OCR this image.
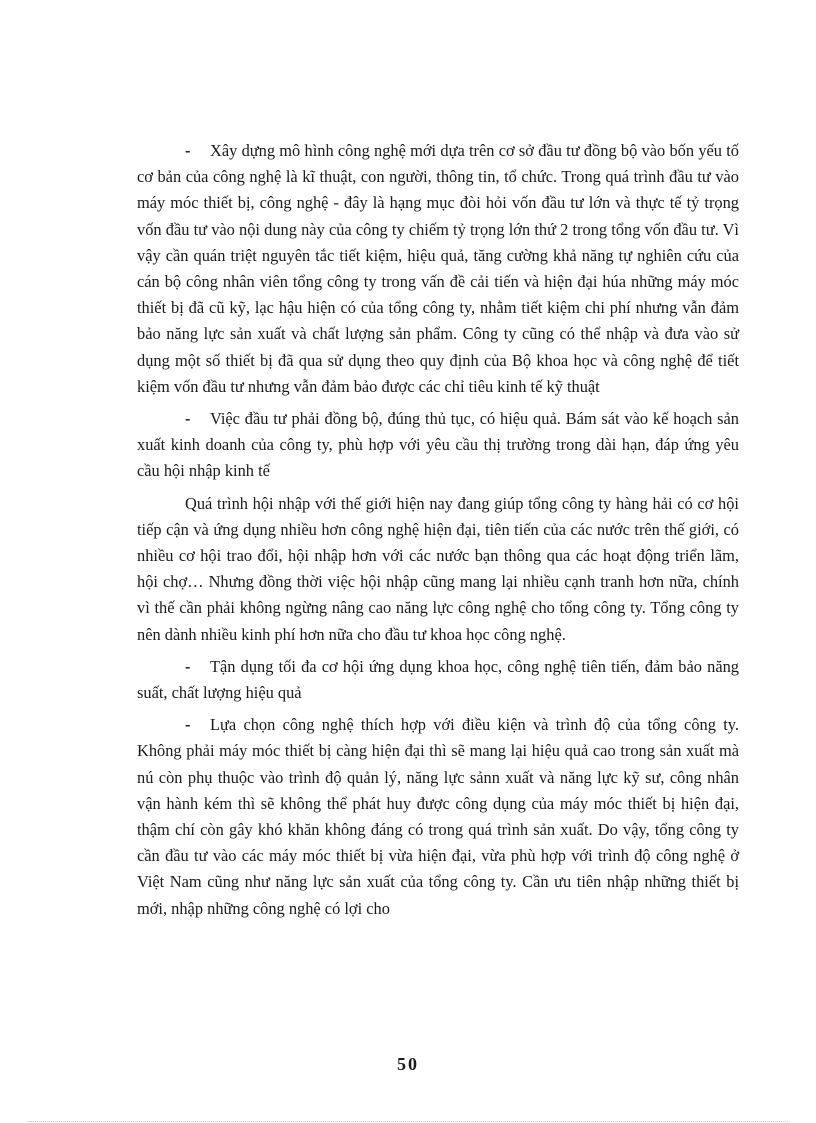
- Xây dựng mô hình công nghệ mới dựa trên cơ sở đầu tư đồng bộ vào bốn yếu tố cơ bản của công nghệ là kĩ thuật, con người, thông tin, tổ chức. Trong quá trình đầu tư vào máy móc thiết bị, công nghệ - đây là hạng mục đòi hỏi vốn đầu tư lớn và thực tế tỷ trọng vốn đầu tư vào nội dung này của công ty chiếm tỷ trọng lớn thứ 2 trong tổng vốn đầu tư. Vì vậy cần quán triệt nguyên tắc tiết kiệm, hiệu quả, tăng cường khả năng tự nghiên cứu của cán bộ công nhân viên tổng công ty trong vấn đề cải tiến và hiện đại húa những máy móc thiết bị đã cũ kỹ, lạc hậu hiện có của tổng công ty, nhằm tiết kiệm chi phí nhưng vẫn đảm bảo năng lực sản xuất và chất lượng sản phẩm. Công ty cũng có thể nhập và đưa vào sử dụng một số thiết bị đã qua sử dụng theo quy định của Bộ khoa học và công nghệ để tiết kiệm vốn đầu tư nhưng vẫn đảm bảo được các chỉ tiêu kinh tế kỹ thuật

- Việc đầu tư phải đồng bộ, đúng thủ tục, có hiệu quả. Bám sát vào kế hoạch sản xuất kinh doanh của công ty, phù hợp với yêu cầu thị trường trong dài hạn, đáp ứng yêu cầu hội nhập kinh tế

Quá trình hội nhập với thế giới hiện nay đang giúp tổng công ty hàng hải có cơ hội tiếp cận và ứng dụng nhiều hơn công nghệ hiện đại, tiên tiến của các nước trên thế giới, có nhiều cơ hội trao đổi, hội nhập hơn với các nước bạn thông qua các hoạt động triển lãm, hội chợ… Nhưng đồng thời việc hội nhập cũng mang lại nhiều cạnh tranh hơn nữa, chính vì thế cần phải không ngừng nâng cao năng lực công nghệ cho tổng công ty. Tổng công ty nên dành nhiều kinh phí hơn nữa cho đầu tư khoa học công nghệ.

- Tận dụng tối đa cơ hội ứng dụng khoa học, công nghệ tiên tiến, đảm bảo năng suất, chất lượng hiệu quả

- Lựa chọn công nghệ thích hợp với điều kiện và trình độ của tổng công ty. Không phải máy móc thiết bị càng hiện đại thì sẽ mang lại hiệu quả cao trong sản xuất mà nú còn phụ thuộc vào trình độ quản lý, năng lực sảnn xuất và năng lực kỹ sư, công nhân vận hành kém thì sẽ không thể phát huy được công dụng của máy móc thiết bị hiện đại, thậm chí còn gây khó khăn không đáng có trong quá trình sản xuất. Do vậy, tổng công ty cần đầu tư vào các máy móc thiết bị vừa hiện đại, vừa phù hợp với trình độ công nghệ ở Việt Nam cũng như năng lực sản xuất của tổng công ty. Cần ưu tiên nhập những thiết bị mới, nhập những công nghệ có lợi cho

50
